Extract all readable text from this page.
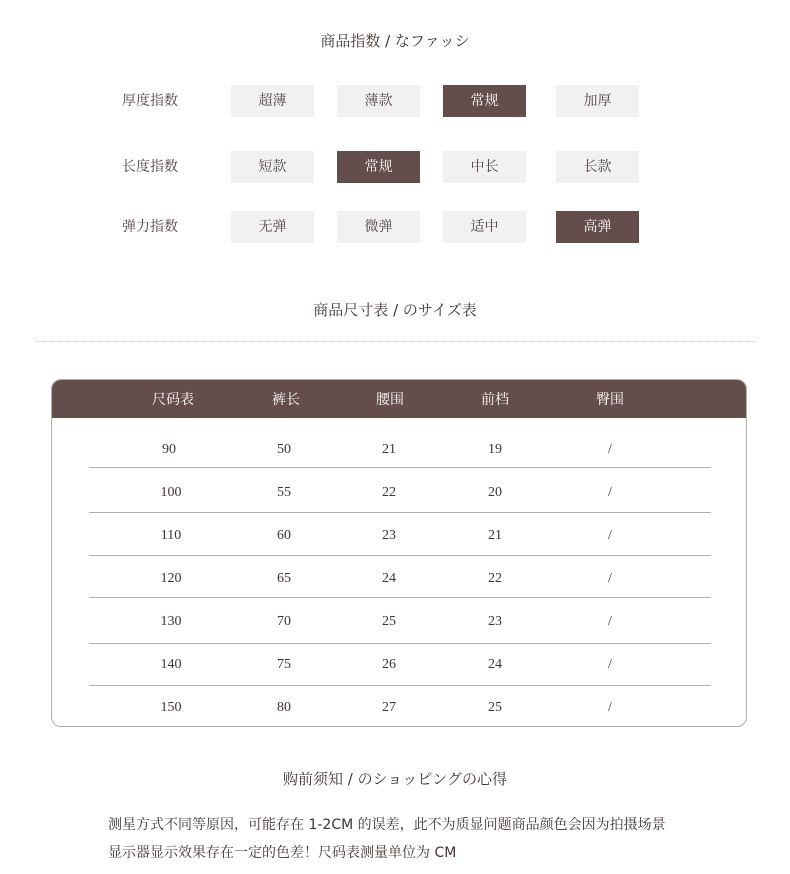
商品指数 / なファッシ
厚度指数	超薄	薄款	常规	加厚
长度指数	短款	常规	中长	长款
弹力指数	无弹	微弹	适中	高弹
商品尺寸表 / のサイズ表
尺码表	裤长	腰围	前档	臀围
90	50	21	19	/
100	55	22	20	/
110	60	23	21	/
120	65	24	22	/
130	70	25	23	/
140	75	26	24	/
150	80	27	25	/
购前须知 / のショッピングの心得
测星方式不同等原因，可能存在 1-2CM 的误差，此不为质显问题商品颜色会因为拍摄场景
显示器显示效果存在一定的色差！尺码表测量单位为 CM
